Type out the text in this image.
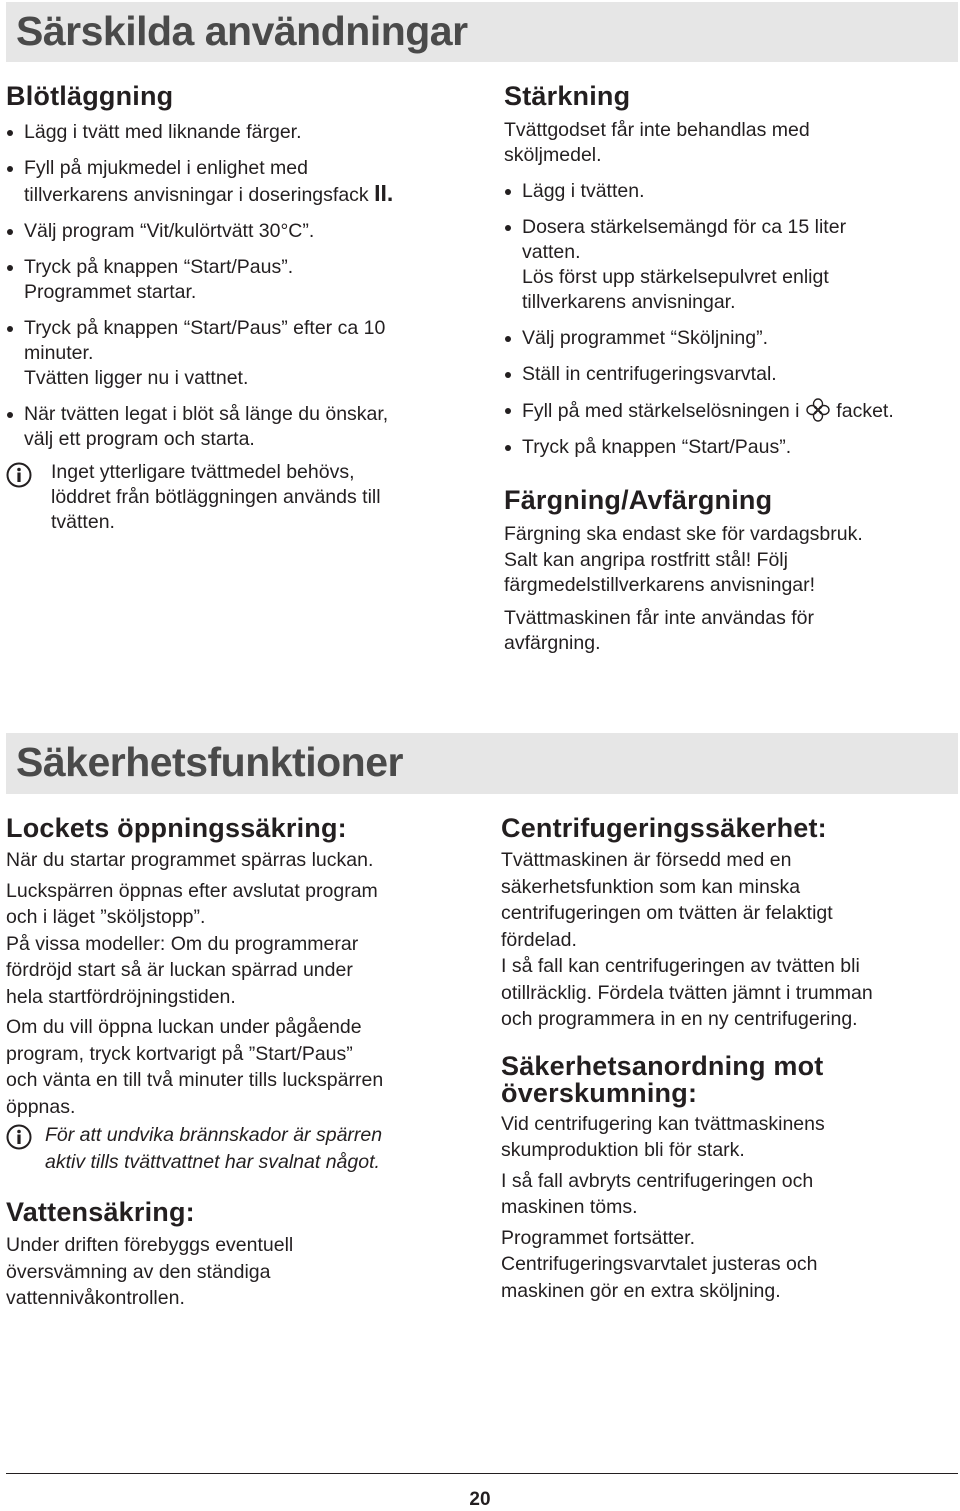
Särskilda användningar
Blötläggning
Lägg i tvätt med liknande färger.
Fyll på mjukmedel i enlighet med
tillverkarens anvisningar i doseringsfack II.
Välj program “Vit/kulörtvätt 30°C”.
Tryck på knappen “Start/Paus”.
Programmet startar.
Tryck på knappen “Start/Paus” efter ca 10
minuter.
Tvätten ligger nu i vattnet.
När tvätten legat i blöt så länge du önskar,
välj ett program och starta.
Inget ytterligare tvättmedel behövs,
löddret från bötläggningen används till
tvätten.
Stärkning

Tvättgodset får inte behandlas med
sköljmedel.

Lägg i tvätten.
Dosera stärkelsemängd för ca 15 liter
vatten.
Lös först upp stärkelsepulvret enligt
tillverkarens anvisningar.
Välj programmet “Sköljning”.
Ställ in centrifugeringsvarvtal.
Fyll på med stärkelselösningen i  facket.
Tryck på knappen “Start/Paus”.
Färgning/Avfärgning

Färgning ska endast ske för vardagsbruk.
Salt kan angripa rostfritt stål! Följ
färgmedelstillverkarens anvisningar!

Tvättmaskinen får inte användas för
avfärgning.

Säkerhetsfunktioner
Lockets öppningssäkring:

När du startar programmet spärras luckan.

Luckspärren öppnas efter avslutat program
och i läget ”sköljstopp”.
På vissa modeller: Om du programmerar
fördröjd start så är luckan spärrad under
hela startfördröjningstiden.

Om du vill öppna luckan under pågående
program, tryck kortvarigt på ”Start/Paus”
och vänta en till två minuter tills luckspärren
öppnas.

För att undvika brännskador är spärren
aktiv tills tvättvattnet har svalnat något.
Vattensäkring:

Under driften förebyggs eventuell
översvämning av den ständiga
vattennivåkontrollen.

Centrifugeringssäkerhet:

Tvättmaskinen är försedd med en
säkerhetsfunktion som kan minska
centrifugeringen om tvätten är felaktigt
fördelad.
I så fall kan centrifugeringen av tvätten bli
otillräcklig. Fördela tvätten jämnt i trumman
och programmera in en ny centrifugering.

Säkerhetsanordning mot
överskumning:

Vid centrifugering kan tvättmaskinens
skumproduktion bli för stark.

I så fall avbryts centrifugeringen och
maskinen töms.

Programmet fortsätter.
Centrifugeringsvarvtalet justeras och
maskinen gör en extra sköljning.

20
